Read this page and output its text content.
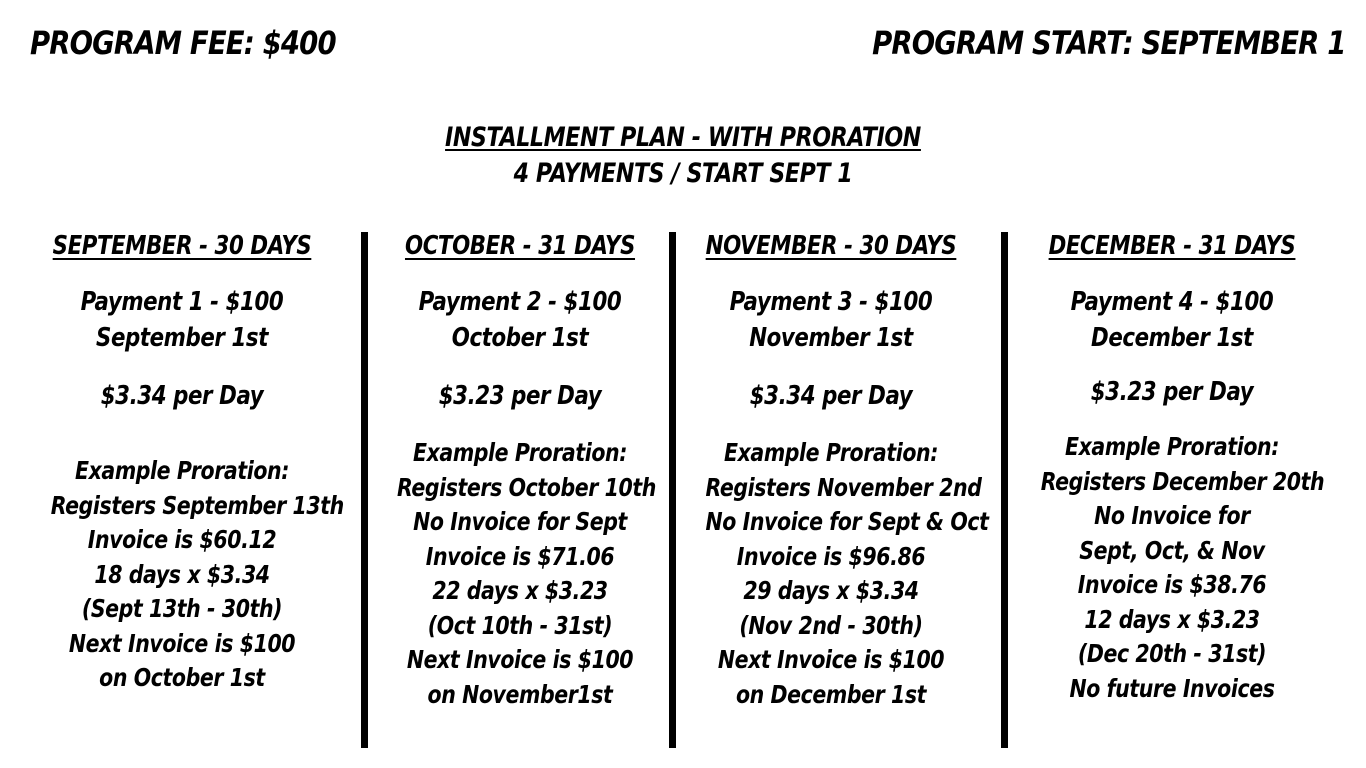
PROGRAM FEE: $400	PROGRAM START: SEPTEMBER 1
INSTALLMENT PLAN - WITH PRORATION
4 PAYMENTS / START SEPT 1
SEPTEMBER - 30 DAYS
Payment 1 - $100
September 1st
$3.34 per Day
Example Proration:
Registers September 13th
Invoice is $60.12
18 days x $3.34
(Sept 13th - 30th)
Next Invoice is $100
on October 1st
OCTOBER - 31 DAYS
Payment 2 - $100
October 1st
$3.23 per Day
Example Proration:
Registers October 10th
No Invoice for Sept
Invoice is $71.06
22 days x $3.23
(Oct 10th - 31st)
Next Invoice is $100
on November1st
NOVEMBER - 30 DAYS
Payment 3 - $100
November 1st
$3.34 per Day
Example Proration:
Registers November 2nd
No Invoice for Sept & Oct
Invoice is $96.86
29 days x $3.34
(Nov 2nd - 30th)
Next Invoice is $100
on December 1st
DECEMBER - 31 DAYS
Payment 4 - $100
December 1st
$3.23 per Day
Example Proration:
Registers December 20th
No Invoice for
Sept, Oct, & Nov
Invoice is $38.76
12 days x $3.23
(Dec 20th - 31st)
No future Invoices
